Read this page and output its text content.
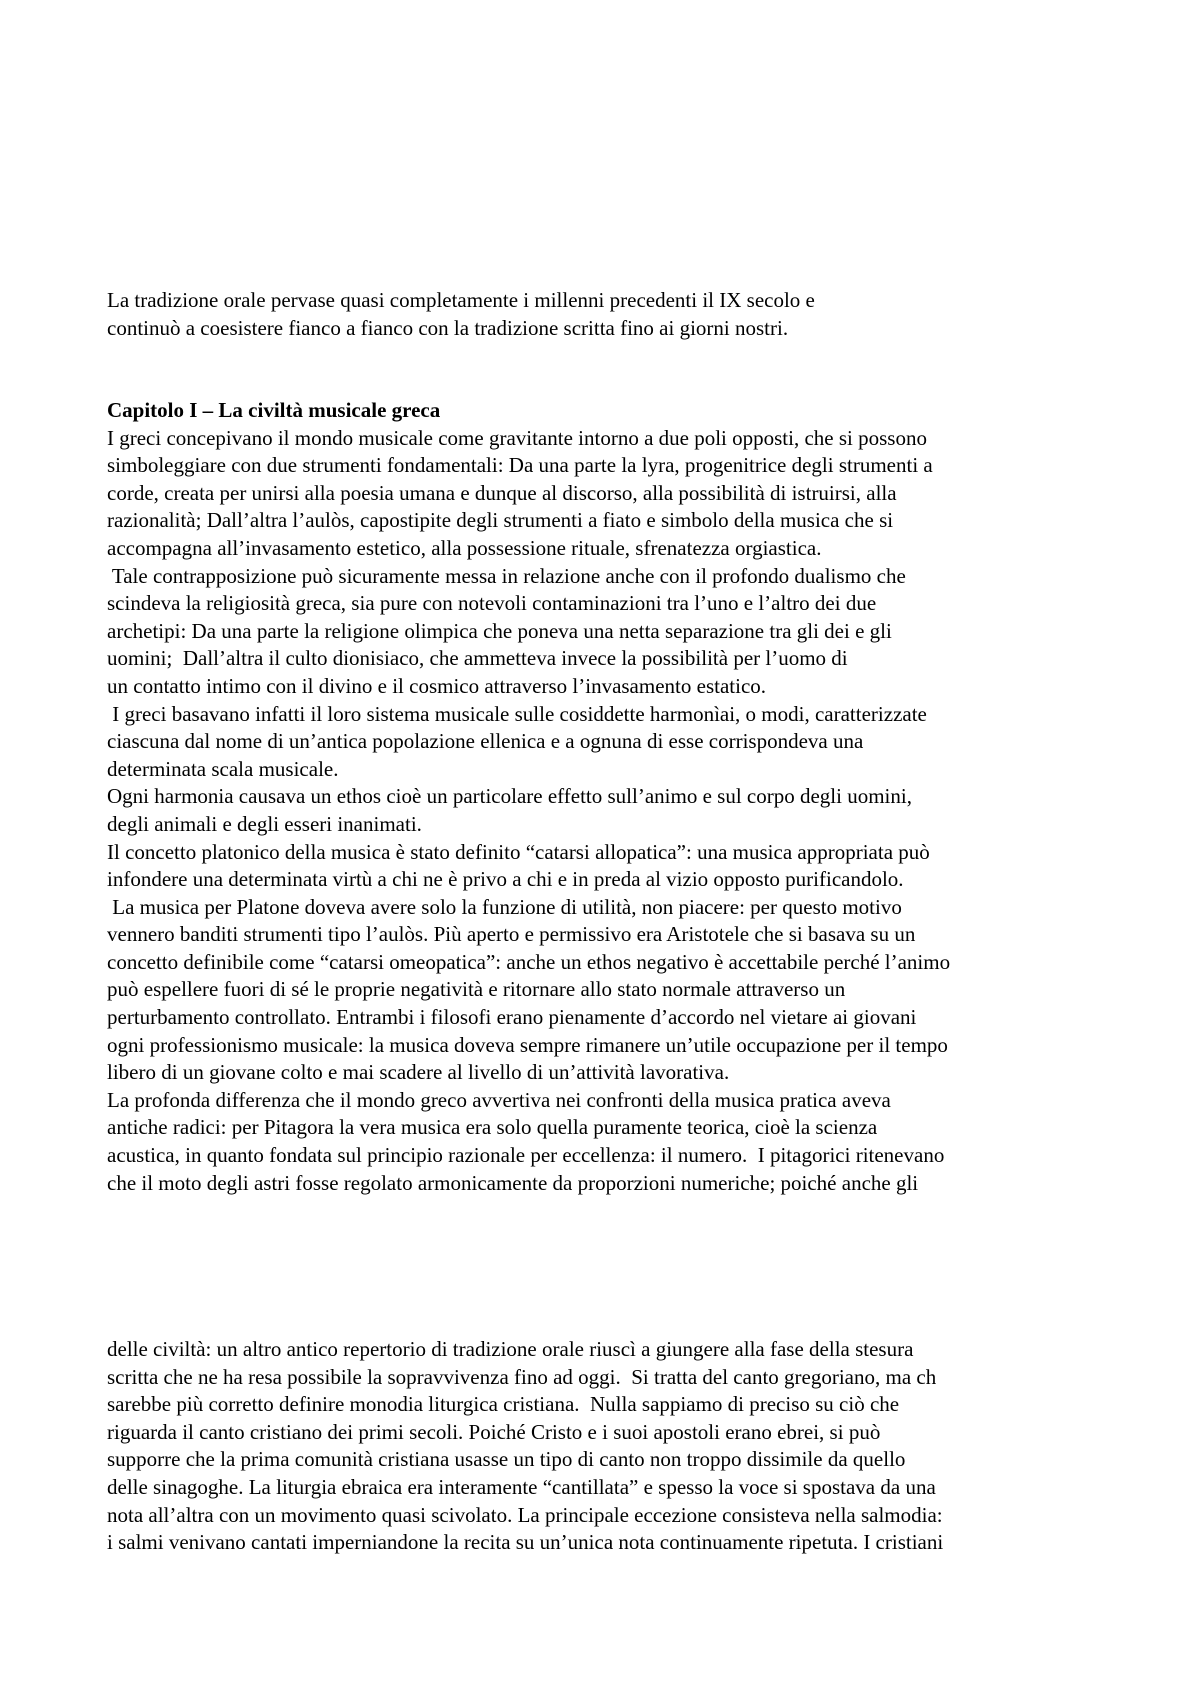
La tradizione orale pervase quasi completamente i millenni precedenti il IX secolo e
continuò a coesistere fianco a fianco con la tradizione scritta fino ai giorni nostri.
Capitolo I – La civiltà musicale greca
I greci concepivano il mondo musicale come gravitante intorno a due poli opposti, che si possono
simboleggiare con due strumenti fondamentali: Da una parte la lyra, progenitrice degli strumenti a
corde, creata per unirsi alla poesia umana e dunque al discorso, alla possibilità di istruirsi, alla
razionalità; Dall’altra l’aulòs, capostipite degli strumenti a fiato e simbolo della musica che si
accompagna all’invasamento estetico, alla possessione rituale, sfrenatezza orgiastica.
Tale contrapposizione può sicuramente messa in relazione anche con il profondo dualismo che
scindeva la religiosità greca, sia pure con notevoli contaminazioni tra l’uno e l’altro dei due
archetipi: Da una parte la religione olimpica che poneva una netta separazione tra gli dei e gli
uomini;  Dall’altra il culto dionisiaco, che ammetteva invece la possibilità per l’uomo di
un contatto intimo con il divino e il cosmico attraverso l’invasamento estatico.
I greci basavano infatti il loro sistema musicale sulle cosiddette harmonìai, o modi, caratterizzate
ciascuna dal nome di un’antica popolazione ellenica e a ognuna di esse corrispondeva una
determinata scala musicale.
Ogni harmonia causava un ethos cioè un particolare effetto sull’animo e sul corpo degli uomini,
degli animali e degli esseri inanimati.
Il concetto platonico della musica è stato definito “catarsi allopatica”: una musica appropriata può
infondere una determinata virtù a chi ne è privo a chi e in preda al vizio opposto purificandolo.
La musica per Platone doveva avere solo la funzione di utilità, non piacere: per questo motivo
vennero banditi strumenti tipo l’aulòs. Più aperto e permissivo era Aristotele che si basava su un
concetto definibile come “catarsi omeopatica”: anche un ethos negativo è accettabile perché l’animo
può espellere fuori di sé le proprie negatività e ritornare allo stato normale attraverso un
perturbamento controllato. Entrambi i filosofi erano pienamente d’accordo nel vietare ai giovani
ogni professionismo musicale: la musica doveva sempre rimanere un’utile occupazione per il tempo
libero di un giovane colto e mai scadere al livello di un’attività lavorativa.
La profonda differenza che il mondo greco avvertiva nei confronti della musica pratica aveva
antiche radici: per Pitagora la vera musica era solo quella puramente teorica, cioè la scienza
acustica, in quanto fondata sul principio razionale per eccellenza: il numero.  I pitagorici ritenevano
che il moto degli astri fosse regolato armonicamente da proporzioni numeriche; poiché anche gli
delle civiltà: un altro antico repertorio di tradizione orale riuscì a giungere alla fase della stesura
scritta che ne ha resa possibile la sopravvivenza fino ad oggi.  Si tratta del canto gregoriano, ma ch
sarebbe più corretto definire monodia liturgica cristiana.  Nulla sappiamo di preciso su ciò che
riguarda il canto cristiano dei primi secoli. Poiché Cristo e i suoi apostoli erano ebrei, si può
supporre che la prima comunità cristiana usasse un tipo di canto non troppo dissimile da quello
delle sinagoghe. La liturgia ebraica era interamente “cantillata” e spesso la voce si spostava da una
nota all’altra con un movimento quasi scivolato. La principale eccezione consisteva nella salmodia:
i salmi venivano cantati imperniandone la recita su un’unica nota continuamente ripetuta. I cristiani
